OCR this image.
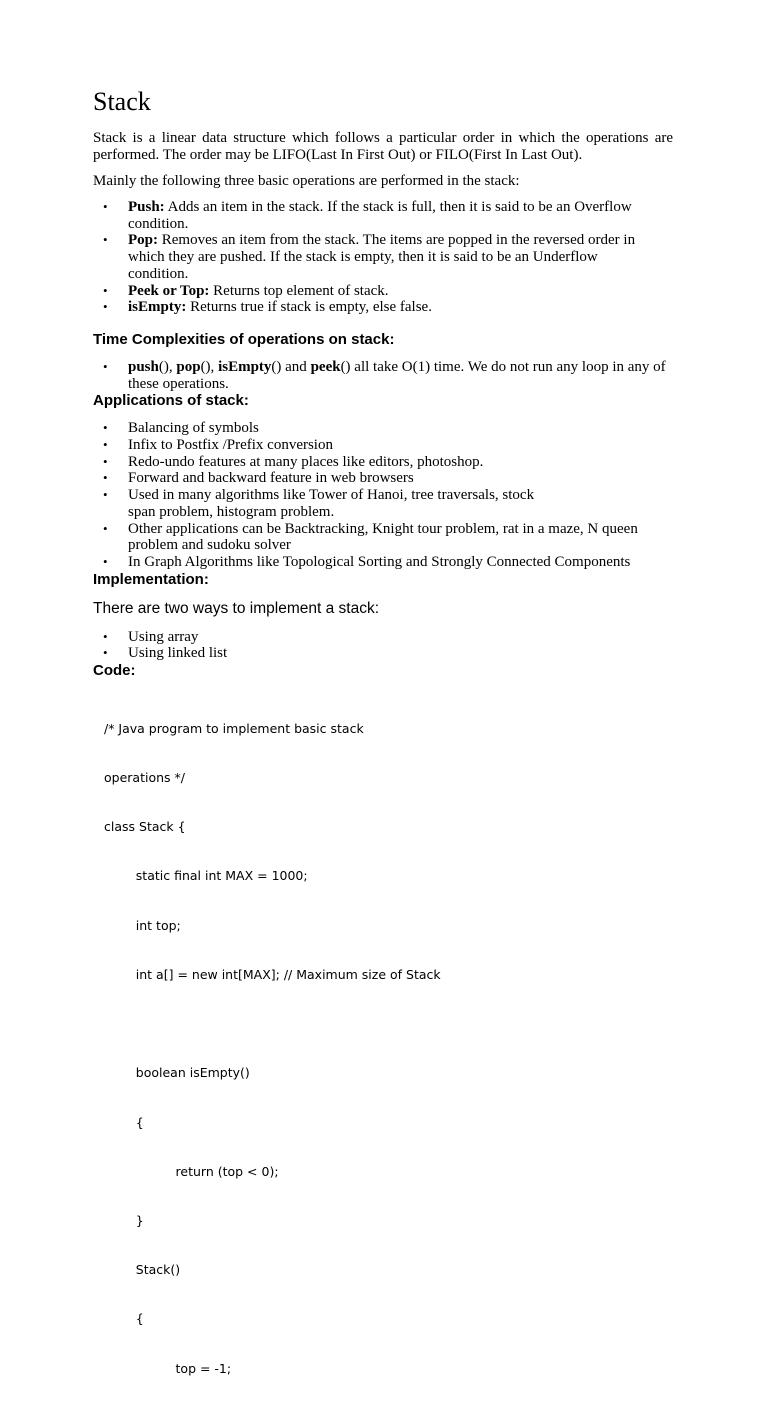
Stack

Stack is a linear data structure which follows a particular order in which the operations are performed. The order may be LIFO(Last In First Out) or FILO(First In Last Out).

Mainly the following three basic operations are performed in the stack:

• Push: Adds an item in the stack. If the stack is full, then it is said to be an Overflow condition.
• Pop: Removes an item from the stack. The items are popped in the reversed order in which they are pushed. If the stack is empty, then it is said to be an Underflow condition.
• Peek or Top: Returns top element of stack.
• isEmpty: Returns true if stack is empty, else false.
Time Complexities of operations on stack:
• push(), pop(), isEmpty() and peek() all take O(1) time. We do not run any loop in any of these operations.
Applications of stack:
• Balancing of symbols
• Infix to Postfix /Prefix conversion
• Redo-undo features at many places like editors, photoshop.
• Forward and backward feature in web browsers
• Used in many algorithms like Tower of Hanoi, tree traversals, stock span problem, histogram problem.
• Other applications can be Backtracking, Knight tour problem, rat in a maze, N queen problem and sudoku solver
• In Graph Algorithms like Topological Sorting and Strongly Connected Components
Implementation:

There are two ways to implement a stack:

• Using array
• Using linked list
Code:

/* Java program to implement basic stack

operations */

class Stack {

static final int MAX = 1000;

int top;

int a[] = new int[MAX]; // Maximum size of Stack

boolean isEmpty()

{

return (top < 0);

}

Stack()

{

top = -1;
